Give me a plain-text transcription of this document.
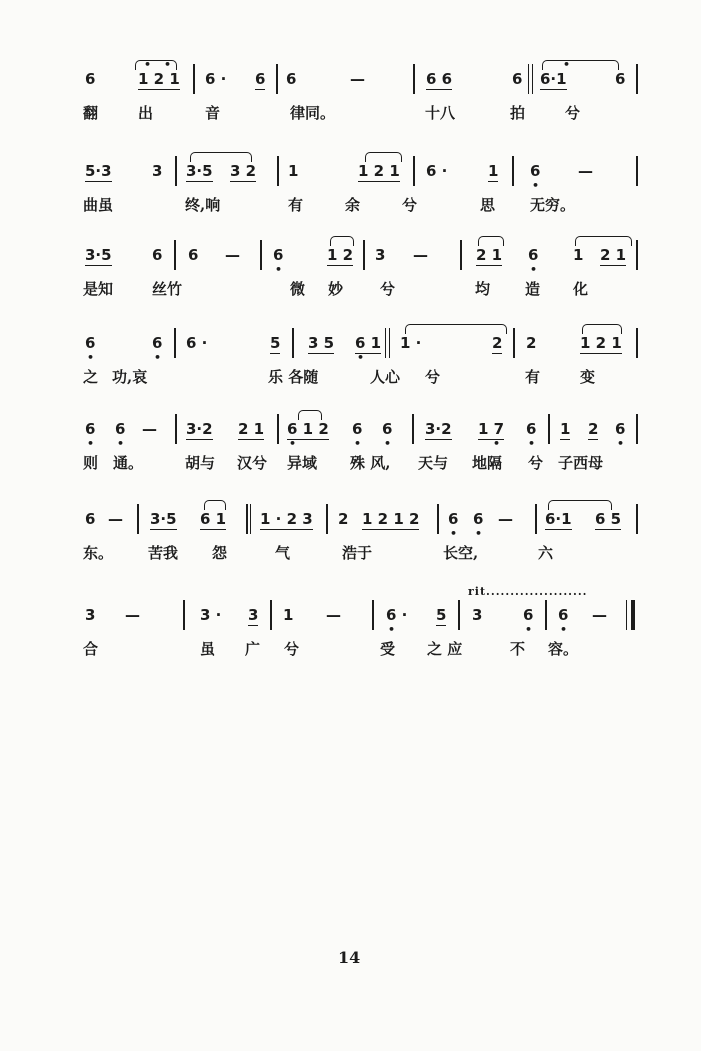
6
• •
1 2 1 6 · 6 6	—	6 6	6
•
6·1	6
翻	出	音	律同。	十八	拍	兮
5·3	3 3·5 3 2 1	1 2 1 6 ·	1 6
•
—
曲虽	终,响	有	余	兮	思 无穷。
3·5	6 6 — 6
•
1 2 3 —	2 1 6
•
1 2 1
是知	丝竹	微 妙 兮	均 造 化
6
•
6
•
6 ·	5 3 5 6 1
•
1 ·	2 2	1 2 1
之 功,哀	乐 各随	人心 兮	有	变
6
•
6
•
— 3·2 2 1 6 1 2
•
6
•
6
•
3·2 1 7
•
6
•
1 2 6
•
则 通。	胡与 汉兮 异域 殊 风, 天与 地隔 兮 子西母
6 — 3·5 6 1 1 · 2 3 2 1 2 1 2 6
•
6
•
— 6·1 6 5
东。 苦我 怨	气	浩于	长空,	六
rit.....................
3 —	3 · 3 1 —	6 ·
•
5 3	6
•
6
•
—
合	虽 广 兮	受 之 应	不 容。
14
